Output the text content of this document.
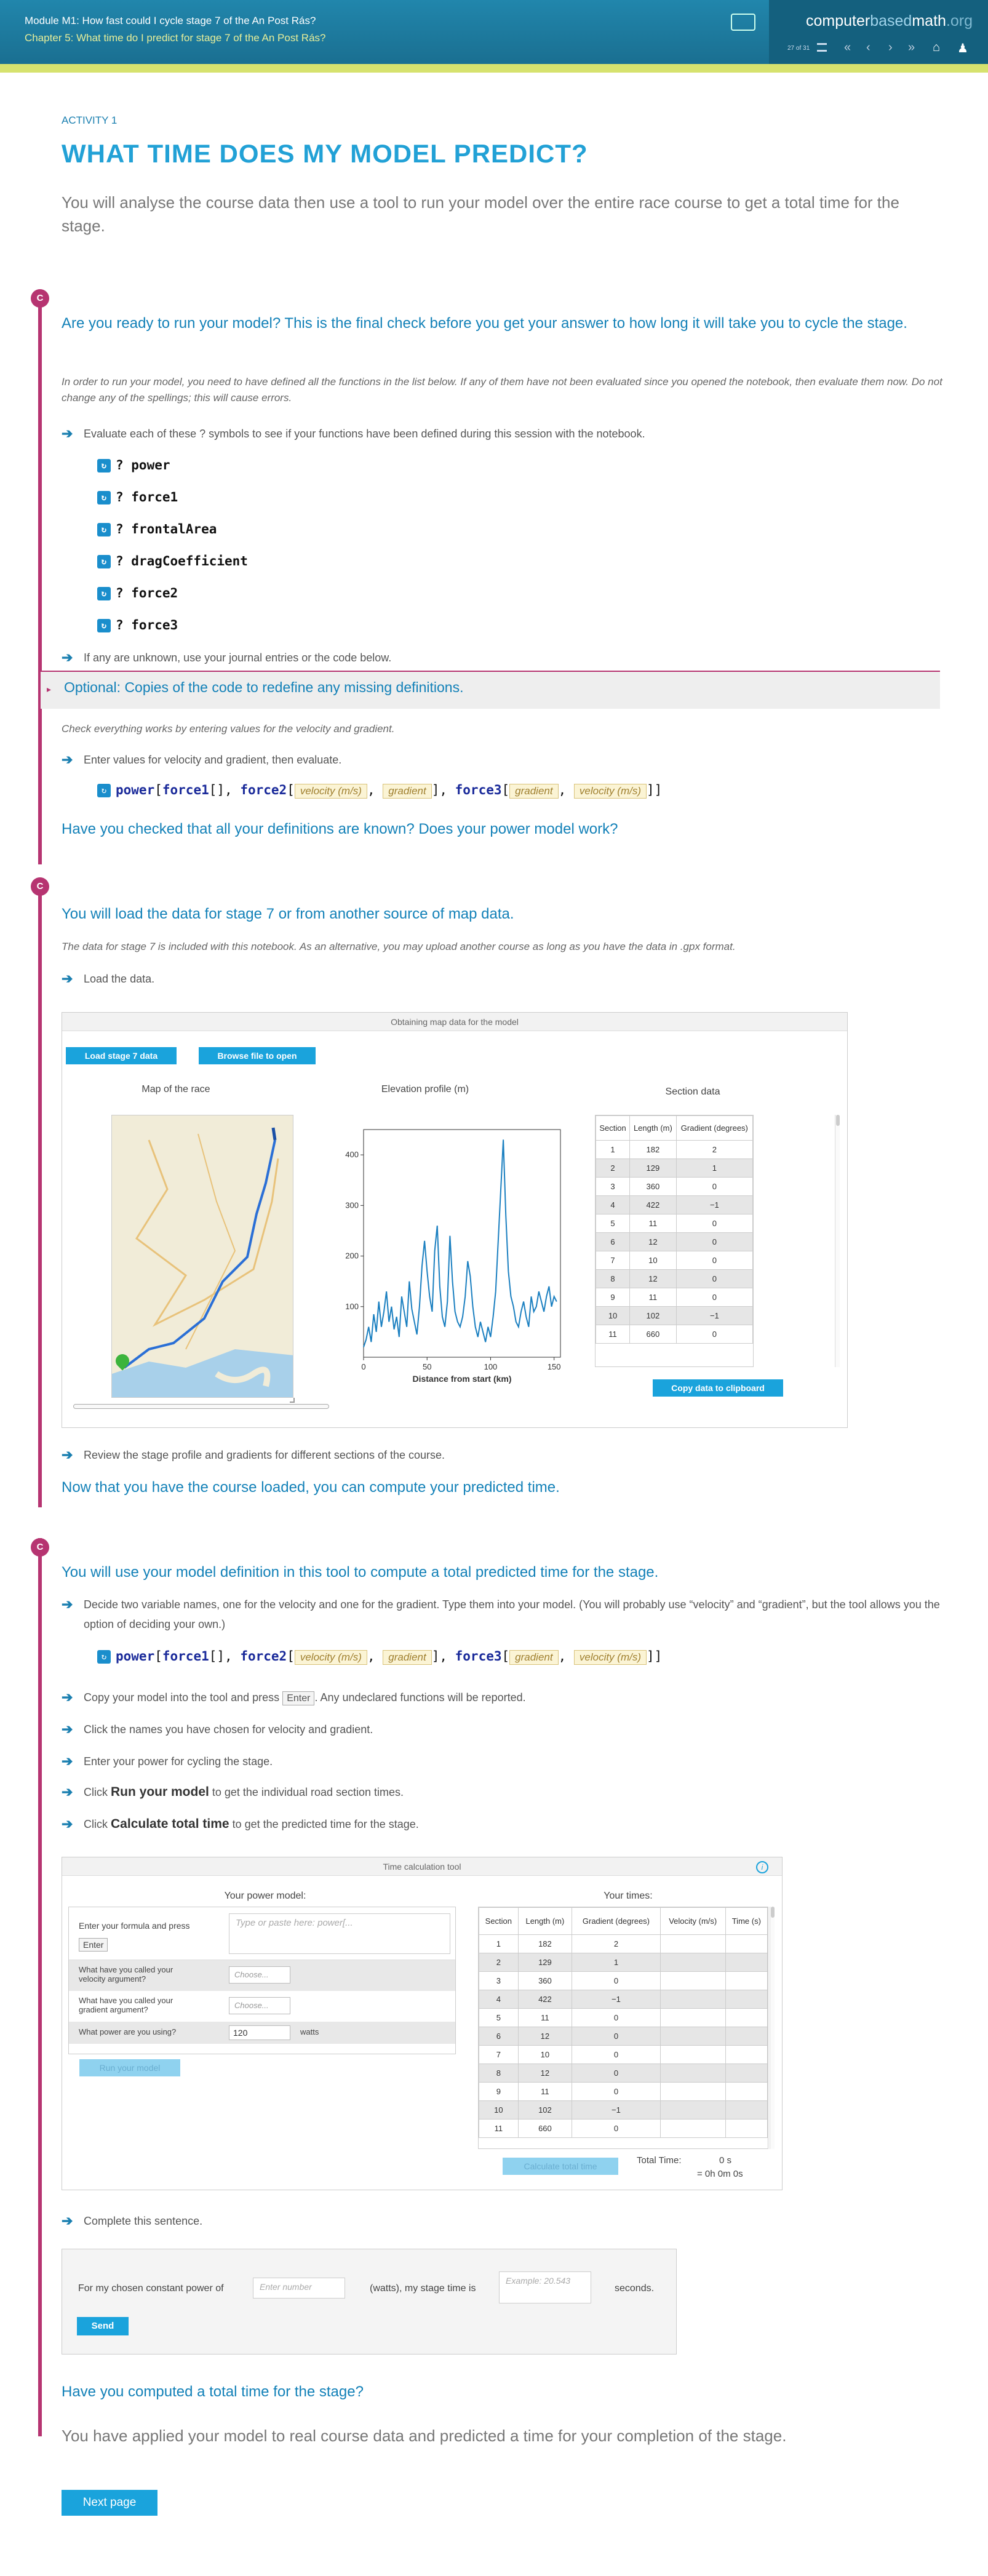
Module M1: How fast could I cycle stage 7 of the An Post Rás?
Chapter 5: What time do I predict for stage 7 of the An Post Rás?
computerbasedmath.org
27 of 31	« ‹ › » ⌂ ♟
ACTIVITY 1
WHAT TIME DOES MY MODEL PREDICT?
You will analyse the course data then use a tool to run your model over the entire race course to get a total time for the stage.
C
Are you ready to run your model? This is the final check before you get your answer to how long it will take you to cycle the stage.
In order to run your model, you need to have defined all the functions in the list below. If any of them have not been evaluated since you opened the notebook, then evaluate them now. Do not change any of the spellings; this will cause errors.
➔ Evaluate each of these ? symbols to see if your functions have been defined during this session with the notebook.
↻ ? power
↻ ? force1
↻ ? frontalArea
↻ ? dragCoefficient
↻ ? force2
↻ ? force3
➔ If any are unknown, use your journal entries or the code below.
▸ Optional: Copies of the code to redefine any missing definitions.
Check everything works by entering values for the velocity and gradient.
➔ Enter values for velocity and gradient, then evaluate.
↻ power[force1[], force2[ velocity (m/s) , gradient ], force3[ gradient , velocity (m/s) ]]
Have you checked that all your definitions are known? Does your power model work?
C
You will load the data for stage 7 or from another source of map data.
The data for stage 7 is included with this notebook. As an alternative, you may upload another course as long as you have the data in .gpx format.
➔ Load the data.
Obtaining map data for the model
Load stage 7 data	Browse file to open
Map of the race	Elevation profile (m)	Section data
0	50	100	150
100
200
300
400
Distance from start (km)
Section	Length (m)	Gradient (degrees)
1	182	2
2	129	1
3	360	0
4	422	−1
5	11	0
6	12	0
7	10	0
8	12	0
9	11	0
10	102	−1
11	660	0
Copy data to clipboard
➔ Review the stage profile and gradients for different sections of the course.
Now that you have the course loaded, you can compute your predicted time.
C
You will use your model definition in this tool to compute a total predicted time for the stage.
➔ Decide two variable names, one for the velocity and one for the gradient. Type them into your model. (You will probably use “velocity” and “gradient”, but the tool allows you the option of deciding your own.)
↻ power[force1[], force2[ velocity (m/s) , gradient ], force3[ gradient , velocity (m/s) ]]
➔ Copy your model into the tool and press Enter . Any undeclared functions will be reported.
➔ Click the names you have chosen for velocity and gradient.
➔ Enter your power for cycling the stage.
➔ Click Run your model to get the individual road section times.
➔ Click Calculate total time to get the predicted time for the stage.
Time calculation tool	i
Your power model:	Your times:
Enter your formula and press
Enter
Type or paste here: power[...
What have you called your velocity argument?	Choose...
What have you called your gradient argument?	Choose...
What power are you using?	120	watts
Run your model
Section	Length (m)	Gradient (degrees)	Velocity (m/s)	Time (s)
1	182	2		
2	129	1		
3	360	0		
4	422	−1		
5	11	0		
6	12	0		
7	10	0		
8	12	0		
9	11	0		
10	102	−1		
11	660	0		
Calculate total time
Total Time:	0 s
= 0h 0m 0s
➔ Complete this sentence.
For my chosen constant power of	Enter number	(watts), my stage time is
Example: 20.543
seconds.
Send
Have you computed a total time for the stage?
You have applied your model to real course data and predicted a time for your completion of the stage.
Next page
